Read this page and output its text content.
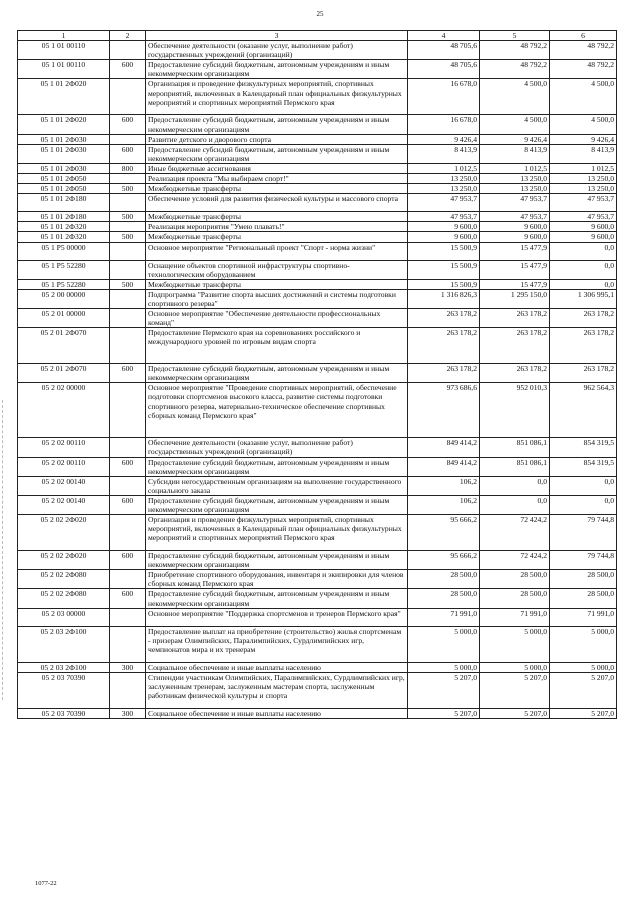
25
1	2	3	4	5	6
05 1 01 00110		Обеспечение деятельности (оказание услуг, выполнение работ) государственных учреждений (организаций)	48 705,6	48 792,2	48 792,2
05 1 01 00110	600	Предоставление субсидий бюджетным, автономным учреждениям и иным некоммерческим организациям	48 705,6	48 792,2	48 792,2
05 1 01 2Ф020		Организация и проведение физкультурных мероприятий, спортивных мероприятий, включенных в Календарный план официальных физкультурных мероприятий и спортивных мероприятий Пермского края	16 678,0	4 500,0	4 500,0
05 1 01 2Ф020	600	Предоставление субсидий бюджетным, автономным учреждениям и иным некоммерческим организациям	16 678,0	4 500,0	4 500,0
05 1 01 2Ф030		Развитие детского и дворового спорта	9 426,4	9 426,4	9 426,4
05 1 01 2Ф030	600	Предоставление субсидий бюджетным, автономным учреждениям и иным некоммерческим организациям	8 413,9	8 413,9	8 413,9
05 1 01 2Ф030	800	Иные бюджетные ассигнования	1 012,5	1 012,5	1 012,5
05 1 01 2Ф050		Реализация проекта "Мы выбираем спорт!"	13 250,0	13 250,0	13 250,0
05 1 01 2Ф050	500	Межбюджетные трансферты	13 250,0	13 250,0	13 250,0
05 1 01 2Ф180		Обеспечение условий для развития физической культуры и массового спорта	47 953,7	47 953,7	47 953,7
05 1 01 2Ф180	500	Межбюджетные трансферты	47 953,7	47 953,7	47 953,7
05 1 01 2Ф320		Реализация мероприятия "Умею плавать!"	9 600,0	9 600,0	9 600,0
05 1 01 2Ф320	500	Межбюджетные трансферты	9 600,0	9 600,0	9 600,0
05 1 Р5 00000		Основное мероприятие "Региональный проект "Спорт - норма жизни"	15 500,9	15 477,9	0,0
05 1 Р5 52280		Оснащение объектов спортивной инфраструктуры спортивно-технологическим оборудованием	15 500,9	15 477,9	0,0
05 1 Р5 52280	500	Межбюджетные трансферты	15 500,9	15 477,9	0,0
05 2 00 00000		Подпрограмма "Развитие спорта высших достижений и системы подготовки спортивного резерва"	1 316 826,3	1 295 150,0	1 306 995,1
05 2 01 00000		Основное мероприятие "Обеспечение деятельности профессиональных команд"	263 178,2	263 178,2	263 178,2
05 2 01 2Ф070		Предоставление Пермского края на соревнованиях российского и международного уровней по игровым видам спорта	263 178,2	263 178,2	263 178,2
05 2 01 2Ф070	600	Предоставление субсидий бюджетным, автономным учреждениям и иным некоммерческим организациям	263 178,2	263 178,2	263 178,2
05 2 02 00000		Основное мероприятие "Проведение спортивных мероприятий, обеспечение подготовки спортсменов высокого класса, развитие системы подготовки спортивного резерва, материально-техническое обеспечение спортивных сборных команд Пермского края"	973 686,6	952 010,3	962 564,3
05 2 02 00110		Обеспечение деятельности (оказание услуг, выполнение работ) государственных учреждений (организаций)	849 414,2	851 086,1	854 319,5
05 2 02 00110	600	Предоставление субсидий бюджетным, автономным учреждениям и иным некоммерческим организациям	849 414,2	851 086,1	854 319,5
05 2 02 00140		Субсидии негосударственным организациям на выполнение государственного социального заказа	106,2	0,0	0,0
05 2 02 00140	600	Предоставление субсидий бюджетным, автономным учреждениям и иным некоммерческим организациям	106,2	0,0	0,0
05 2 02 2Ф020		Организация и проведение физкультурных мероприятий, спортивных мероприятий, включенных в Календарный план официальных физкультурных мероприятий и спортивных мероприятий Пермского края	95 666,2	72 424,2	79 744,8
05 2 02 2Ф020	600	Предоставление субсидий бюджетным, автономным учреждениям и иным некоммерческим организациям	95 666,2	72 424,2	79 744,8
05 2 02 2Ф080		Приобретение спортивного оборудования, инвентаря и экипировки для членов сборных команд Пермского края	28 500,0	28 500,0	28 500,0
05 2 02 2Ф080	600	Предоставление субсидий бюджетным, автономным учреждениям и иным некоммерческим организациям	28 500,0	28 500,0	28 500,0
05 2 03 00000		Основное мероприятие "Поддержка спортсменов и тренеров Пермского края"	71 991,0	71 991,0	71 991,0
05 2 03 2Ф100		Предоставление выплат на приобретение (строительство) жилья спортсменам - призерам Олимпийских, Паралимпийских, Сурдлимпийских игр, чемпионатов мира и их тренерам	5 000,0	5 000,0	5 000,0
05 2 03 2Ф100	300	Социальное обеспечение и иные выплаты населению	5 000,0	5 000,0	5 000,0
05 2 03 70390		Стипендии участникам Олимпийских, Паралимпийских, Сурдлимпийских игр, заслуженным тренерам, заслуженным мастерам спорта, заслуженным работникам физической культуры и спорта	5 207,0	5 207,0	5 207,0
05 2 03 70390	300	Социальное обеспечение и иные выплаты населению	5 207,0	5 207,0	5 207,0
1077-22
